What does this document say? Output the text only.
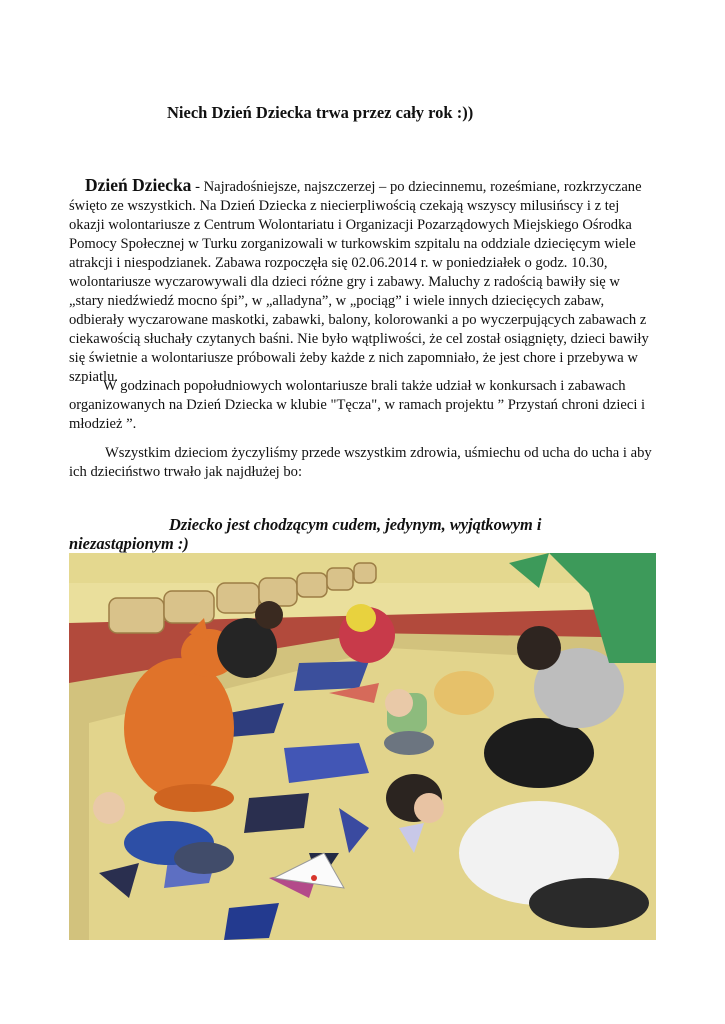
Niech Dzień Dziecka trwa przez cały rok :))
Dzień Dziecka - Najradośniejsze, najszczerzej – po dziecinnemu, roześmiane, rozkrzyczane
święto ze wszystkich. Na Dzień Dziecka z niecierpliwością czekają wszyscy milusińscy i z tej
okazji wolontariusze z Centrum Wolontariatu i Organizacji Pozarządowych Miejskiego Ośrodka
Pomocy Społecznej w Turku zorganizowali w turkowskim szpitalu na oddziale dziecięcym wiele
atrakcji i niespodzianek. Zabawa rozpoczęła się 02.06.2014 r. w poniedziałek o godz. 10.30,
wolontariusze wyczarowywali dla dzieci różne gry i zabawy. Maluchy z radością bawiły się w
„stary niedźwiedź mocno śpi”, w „alladyna”, w „pociąg” i wiele innych dziecięcych zabaw,
odbierały wyczarowane maskotki, zabawki, balony, kolorowanki a po wyczerpujących zabawach z
ciekawością słuchały czytanych baśni. Nie było wątpliwości, że cel został osiągnięty, dzieci bawiły
się świetnie a wolontariusze próbowali żeby każde z nich zapomniało, że jest chore i przebywa w
szpiatlu.
W godzinach popołudniowych wolontariusze brali także udział w konkursach i zabawach
organizowanych na Dzień Dziecka w klubie "Tęcza", w ramach projektu ” Przystań chroni dzieci i
młodzież ”.
Wszystkim dzieciom życzyliśmy przede wszystkim zdrowia, uśmiechu od ucha do ucha i aby
ich dzieciństwo trwało jak najdłużej bo:
Dziecko jest chodzącym cudem, jedynym, wyjątkowym i
niezastąpionym :)
